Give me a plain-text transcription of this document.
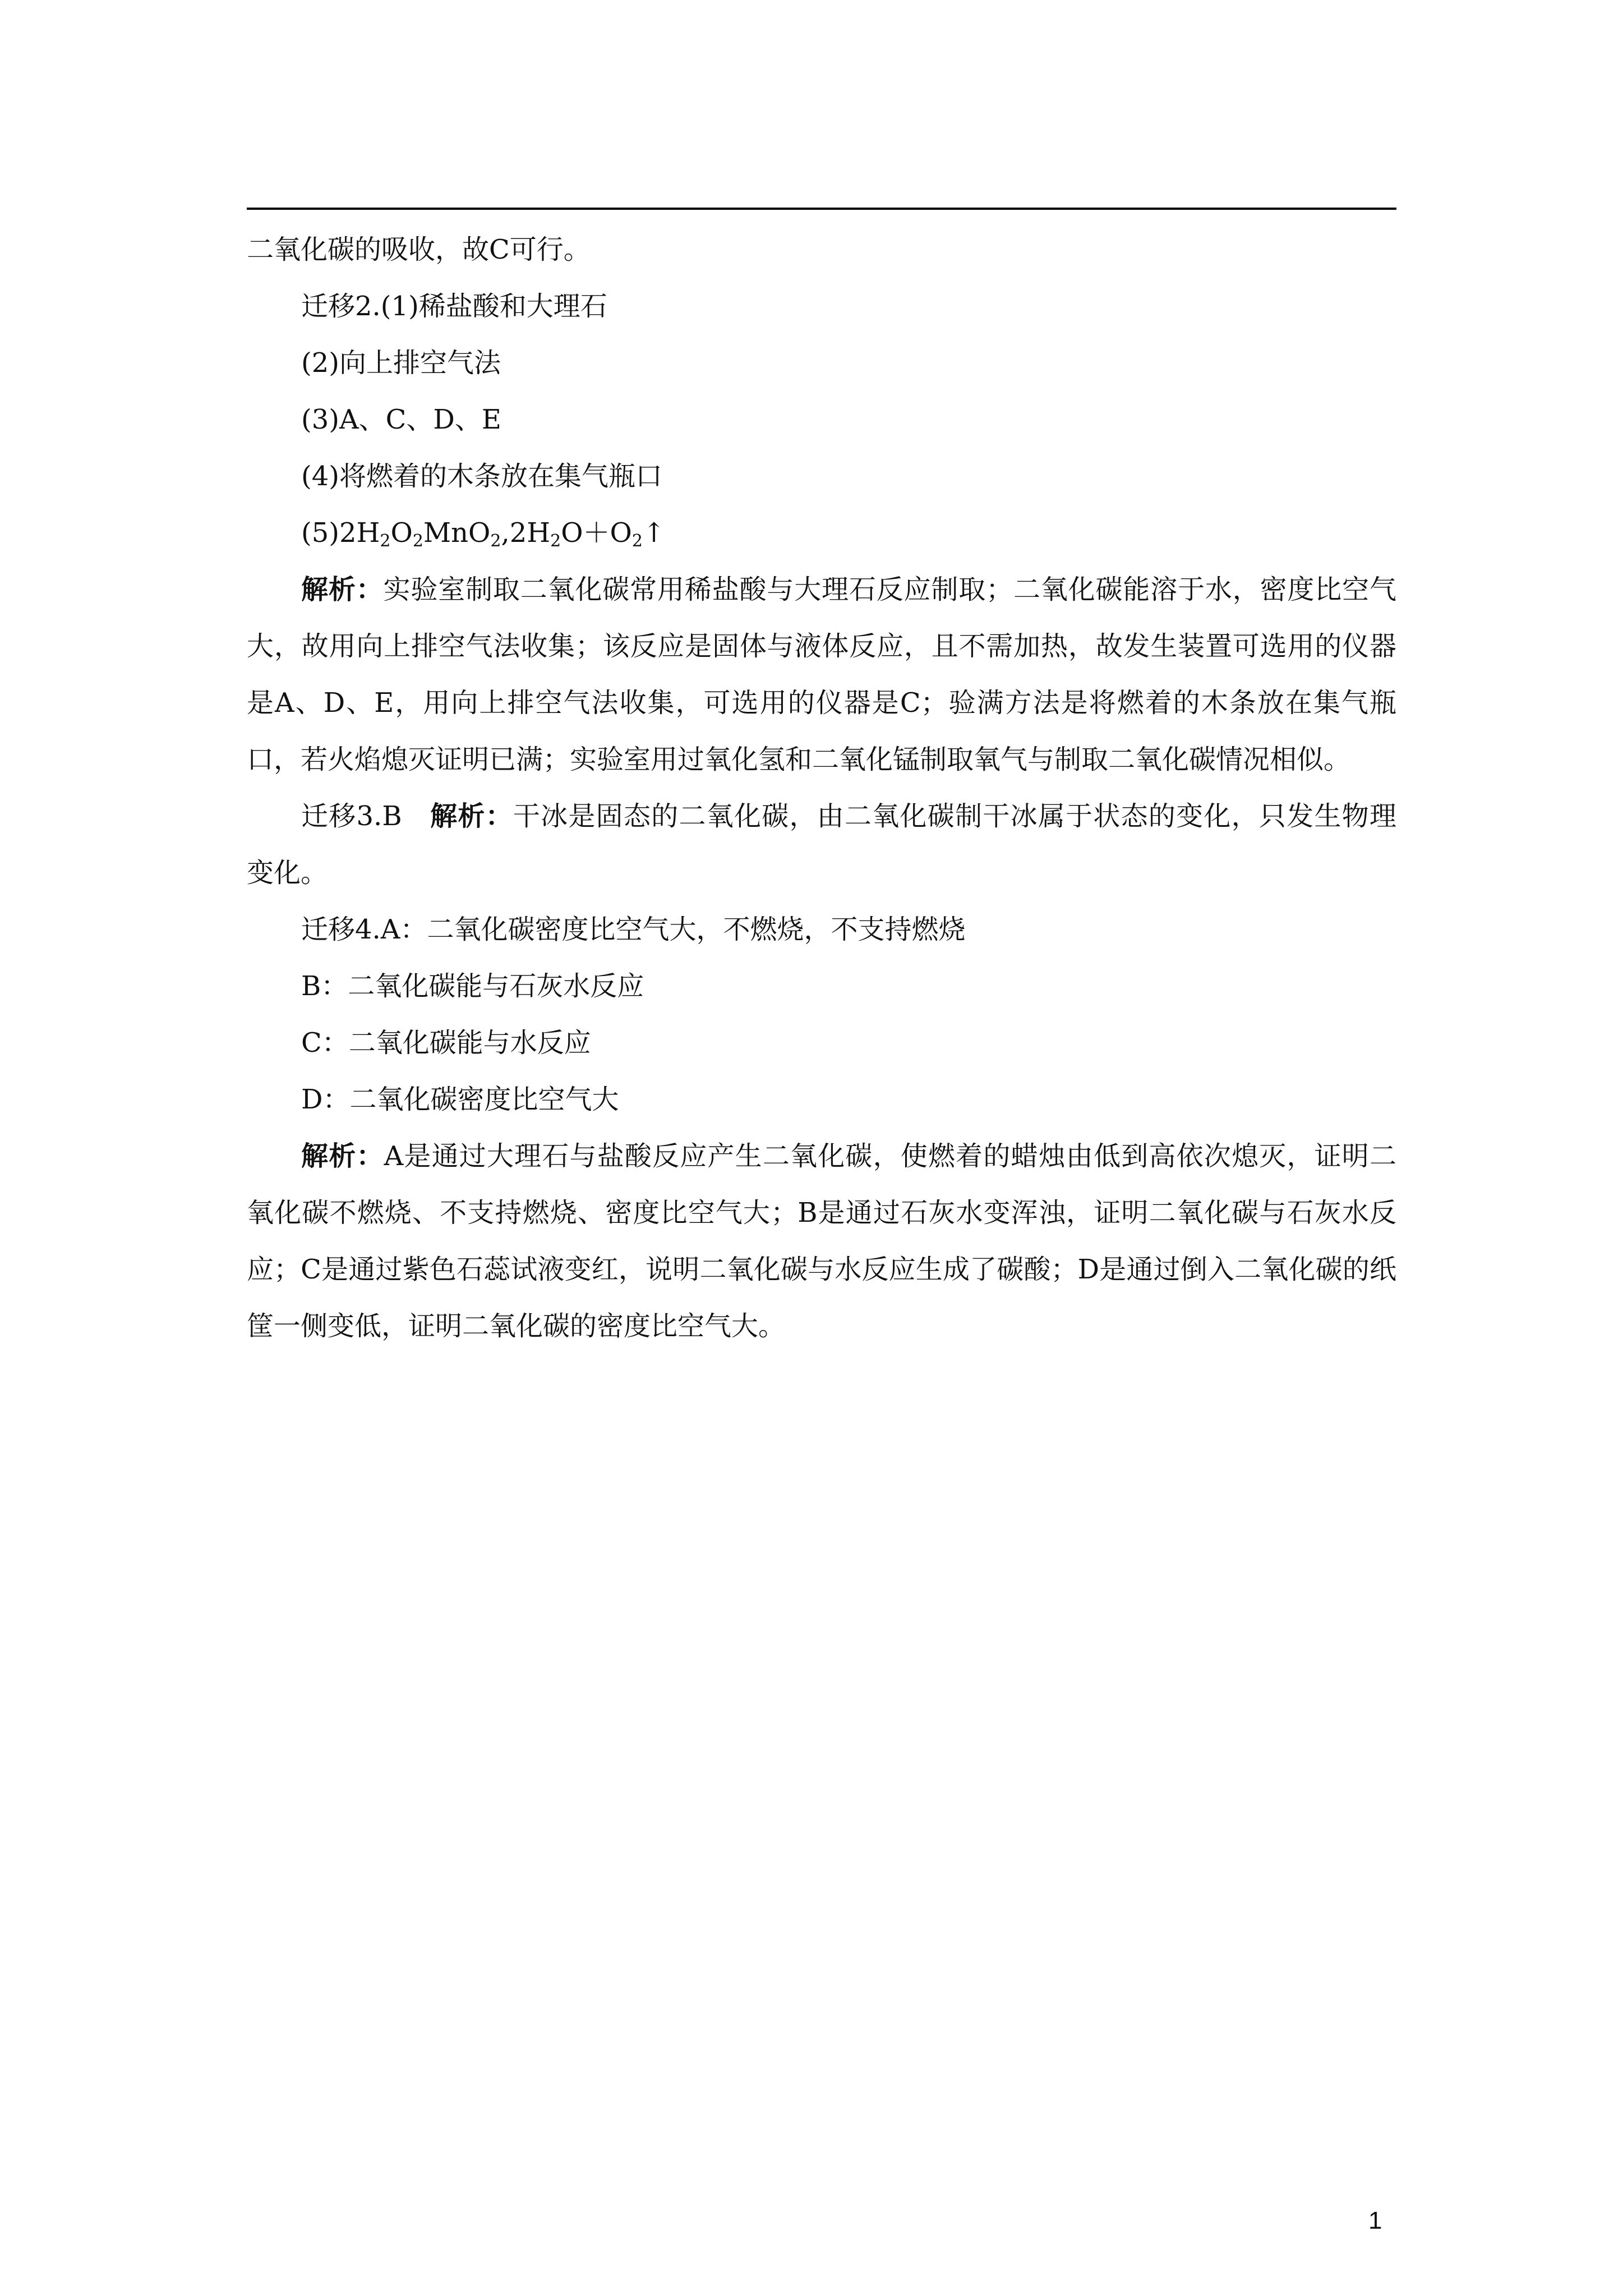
二氧化碳的吸收，故C可行。
迁移2.(1)稀盐酸和大理石
(2)向上排空气法
(3)A、C、D、E
(4)将燃着的木条放在集气瓶口
$(5)2H_2O_2MnO_2,2H_2O+O_2↑$
解析：实验室制取二氧化碳常用稀盐酸与大理石反应制取；二氧化碳能溶于水，密度比空气大，故用向上排空气法收集；该反应是固体与液体反应，且不需加热，故发生装置可选用的仪器是A、D、E，用向上排空气法收集，可选用的仪器是C；验满方法是将燃着的木条放在集气瓶口，若火焰熄灭证明已满；实验室用过氧化氢和二氧化锰制取氧气与制取二氧化碳情况相似。
迁移3.B　解析：干冰是固态的二氧化碳，由二氧化碳制干冰属于状态的变化，只发生物理变化。
迁移4.A：二氧化碳密度比空气大，不燃烧，不支持燃烧
B：二氧化碳能与石灰水反应
C：二氧化碳能与水反应
D：二氧化碳密度比空气大
解析：A是通过大理石与盐酸反应产生二氧化碳，使燃着的蜡烛由低到高依次熄灭，证明二氧化碳不燃烧、不支持燃烧、密度比空气大；B是通过石灰水变浑浊，证明二氧化碳与石灰水反应；C是通过紫色石蕊试液变红，说明二氧化碳与水反应生成了碳酸；D是通过倒入二氧化碳的纸筐一侧变低，证明二氧化碳的密度比空气大。
1
